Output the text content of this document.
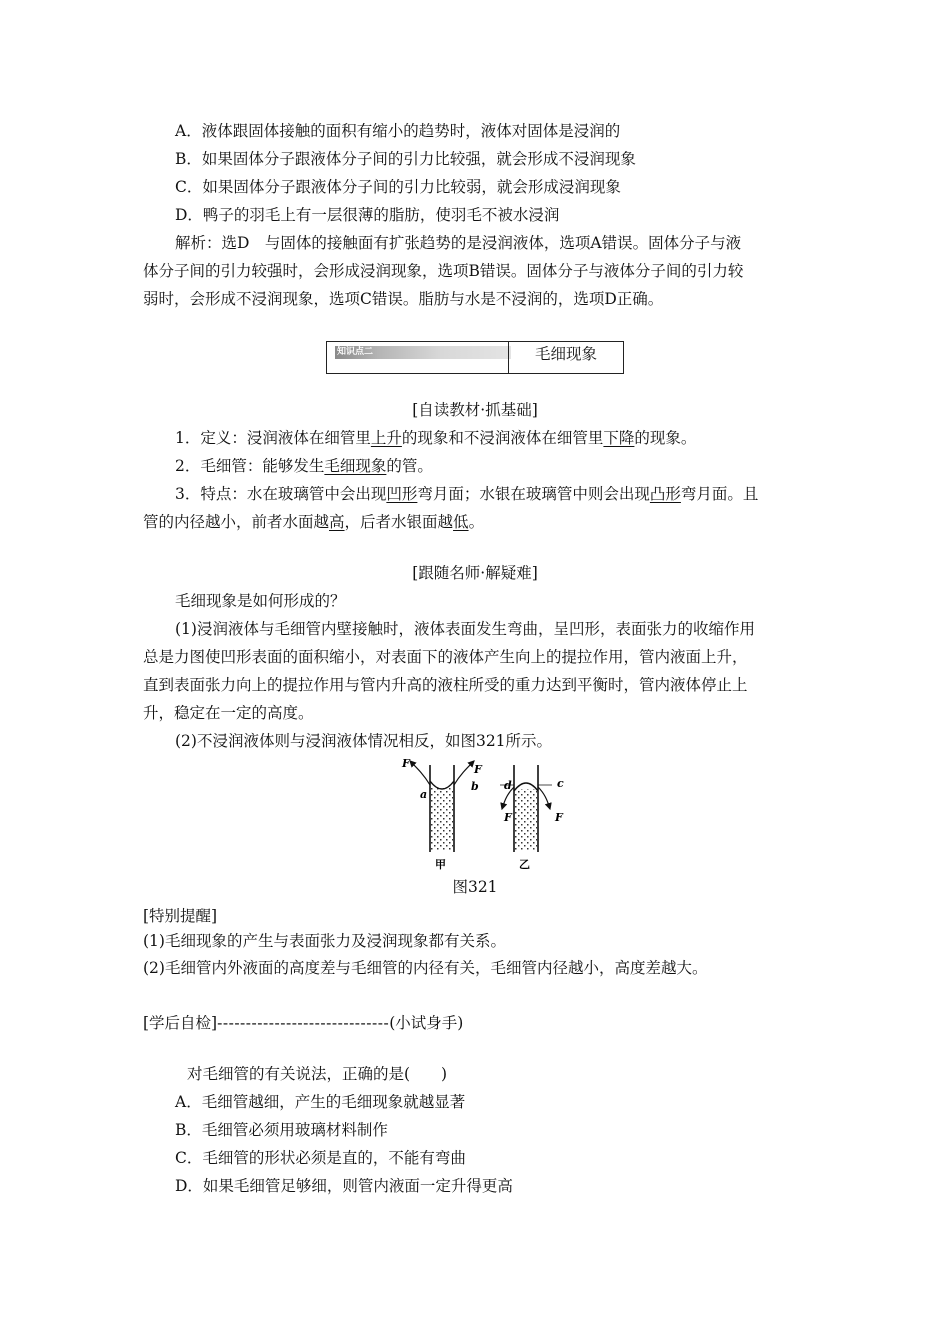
A．液体跟固体接触的面积有缩小的趋势时，液体对固体是浸润的
B．如果固体分子跟液体分子间的引力比较强，就会形成不浸润现象
C．如果固体分子跟液体分子间的引力比较弱，就会形成浸润现象
D．鸭子的羽毛上有一层很薄的脂肪，使羽毛不被水浸润
解析：选D　与固体的接触面有扩张趋势的是浸润液体，选项A错误。固体分子与液
体分子间的引力较强时，会形成浸润现象，选项B错误。固体分子与液体分子间的引力较
弱时，会形成不浸润现象，选项C错误。脂肪与水是不浸润的，选项D正确。
知识点二	毛细现象
[自读教材·抓基础]
1．定义：浸润液体在细管里上升的现象和不浸润液体在细管里下降的现象。
2．毛细管：能够发生毛细现象的管。
3．特点：水在玻璃管中会出现凹形弯月面；水银在玻璃管中则会出现凸形弯月面。且
管的内径越小，前者水面越高，后者水银面越低。
[跟随名师·解疑难]
毛细现象是如何形成的？
(1)浸润液体与毛细管内壁接触时，液体表面发生弯曲，呈凹形，表面张力的收缩作用
总是力图使凹形表面的面积缩小，对表面下的液体产生向上的提拉作用，管内液面上升，
直到表面张力向上的提拉作用与管内升高的液柱所受的重力达到平衡时，管内液体停止上
升，稳定在一定的高度。
(2)不浸润液体则与浸润液体情况相反，如图321所示。
F	F
a
b
甲
d	c
F	F
乙
图321
[特别提醒]
(1)毛细现象的产生与表面张力及浸润现象都有关系。
(2)毛细管内外液面的高度差与毛细管的内径有关，毛细管内径越小，高度差越大。
[学后自检]------------------------------(小试身手)
对毛细管的有关说法，正确的是(　　)
A．毛细管越细，产生的毛细现象就越显著
B．毛细管必须用玻璃材料制作
C．毛细管的形状必须是直的，不能有弯曲
D．如果毛细管足够细，则管内液面一定升得更高
